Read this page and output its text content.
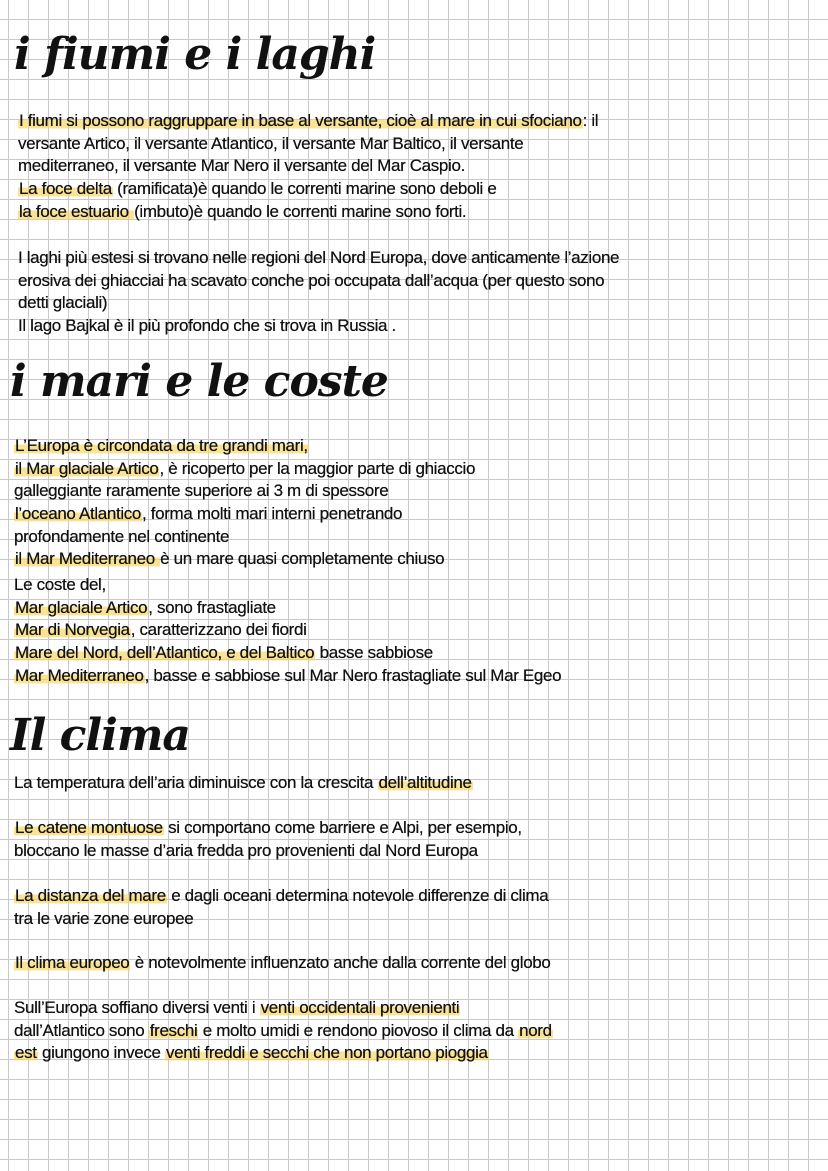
i fiumi e i laghi
I fiumi si possono raggruppare in base al versante, cioè al mare in cui sfociano: il
versante Artico, il versante Atlantico, il versante Mar Baltico, il versante
mediterraneo, il versante Mar Nero il versante del Mar Caspio.
La foce delta (ramificata)è quando le correnti marine sono deboli e
la foce estuario (imbuto)è quando le correnti marine sono forti.
I laghi più estesi si trovano nelle regioni del Nord Europa, dove anticamente l’azione
erosiva dei ghiacciai ha scavato conche poi occupata dall’acqua (per questo sono
detti glaciali)
Il lago Bajkal è il più profondo che si trova in Russia .
i mari e le coste
L’Europa è circondata da tre grandi mari,
il Mar glaciale Artico, è ricoperto per la maggior parte di ghiaccio
galleggiante raramente superiore ai 3 m di spessore
l’oceano Atlantico, forma molti mari interni penetrando
profondamente nel continente
il Mar Mediterraneo è un mare quasi completamente chiuso
Le coste del,
Mar glaciale Artico, sono frastagliate
Mar di Norvegia, caratterizzano dei fiordi
Mare del Nord, dell’Atlantico, e del Baltico basse sabbiose
Mar Mediterraneo, basse e sabbiose sul Mar Nero frastagliate sul Mar Egeo
Il clima
La temperatura dell’aria diminuisce con la crescita dell’altitudine
Le catene montuose si comportano come barriere e Alpi, per esempio,
bloccano le masse d’aria fredda pro provenienti dal Nord Europa
La distanza del mare e dagli oceani determina notevole differenze di clima
tra le varie zone europee
Il clima europeo è notevolmente influenzato anche dalla corrente del globo
Sull’Europa soffiano diversi venti i venti occidentali provenienti
dall’Atlantico sono freschi e molto umidi e rendono piovoso il clima da nord
est giungono invece venti freddi e secchi che non portano pioggia
